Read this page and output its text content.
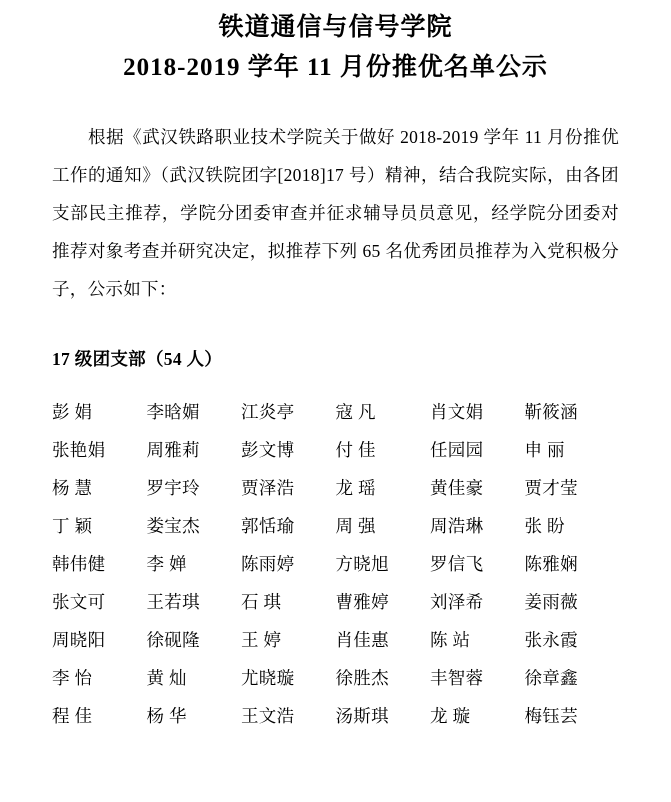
铁道通信与信号学院
2018-2019 学年 11 月份推优名单公示

根据《武汉铁路职业技术学院关于做好 2018-2019 学年 11 月份推优工作的通知》（武汉铁院团字[2018]17 号）精神，结合我院实际，由各团支部民主推荐，学院分团委审查并征求辅导员员意见，经学院分团委对推荐对象考查并研究决定，拟推荐下列 65 名优秀团员推荐为入党积极分子，公示如下：

17 级团支部（54 人）
彭 娟	李晗媚	江炎亭	寇 凡	肖文娟	靳筱涵
张艳娟	周雅莉	彭文博	付 佳	任园园	申 丽
杨 慧	罗宇玲	贾泽浩	龙 瑶	黄佳豪	贾才莹
丁 颖	娄宝杰	郭恬瑜	周 强	周浩琳	张 盼
韩伟健	李 婵	陈雨婷	方晓旭	罗信飞	陈雅娴
张文可	王若琪	石 琪	曹雅婷	刘泽希	姜雨薇
周晓阳	徐砚隆	王 婷	肖佳惠	陈 站	张永霞
李 怡	黄 灿	尤晓璇	徐胜杰	丰智蓉	徐章鑫
程 佳	杨 华	王文浩	汤斯琪	龙 璇	梅钰芸
